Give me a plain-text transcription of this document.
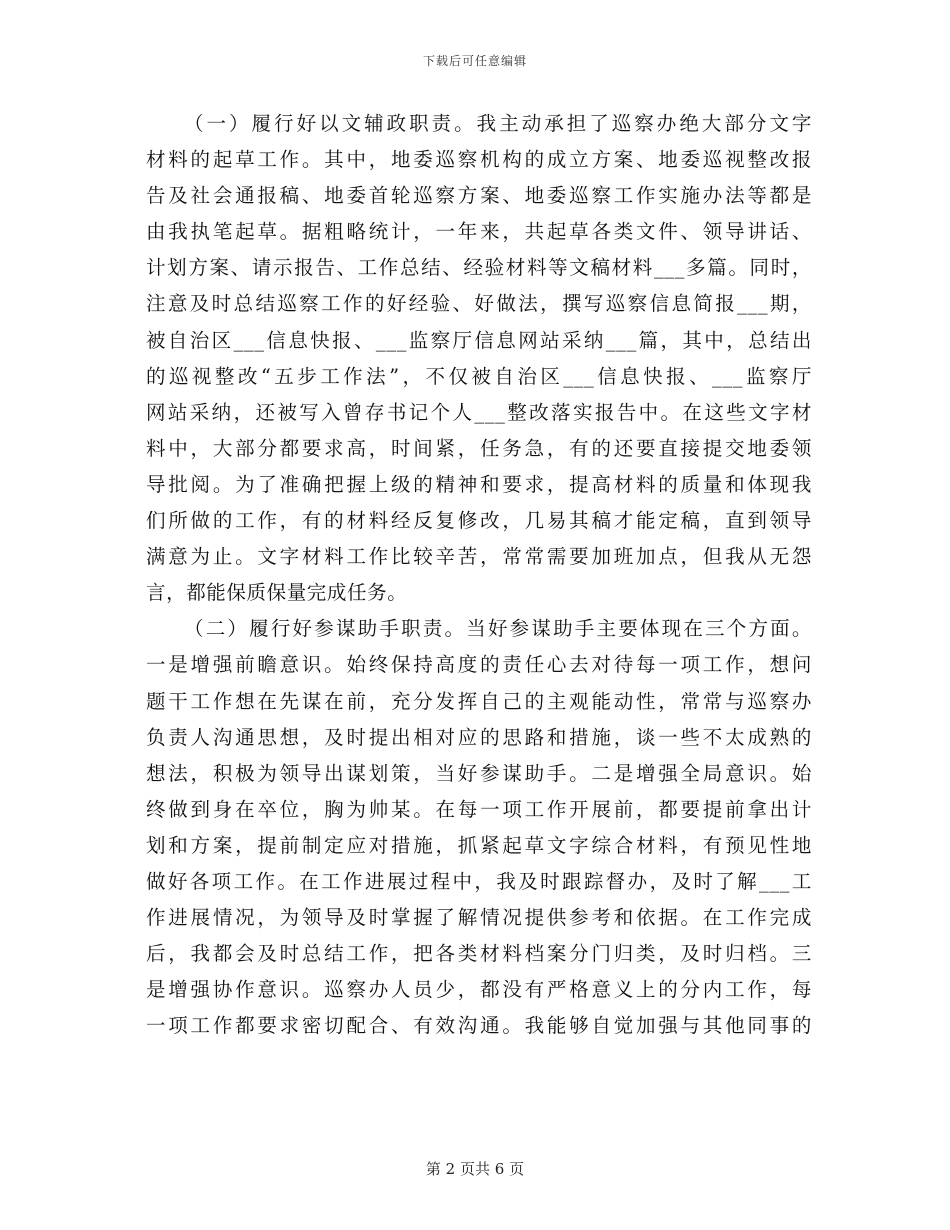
下载后可任意编辑
（一）履行好以文辅政职责。我主动承担了巡察办绝大部分文字
材料的起草工作。其中，地委巡察机构的成立方案、地委巡视整改报
告及社会通报稿、地委首轮巡察方案、地委巡察工作实施办法等都是
由我执笔起草。据粗略统计，一年来，共起草各类文件、领导讲话、
计划方案、请示报告、工作总结、经验材料等文稿材料___多篇。同时，
注意及时总结巡察工作的好经验、好做法，撰写巡察信息简报___期，
被自治区___信息快报、___监察厅信息网站采纳___篇，其中，总结出
的巡视整改“五步工作法”，不仅被自治区___信息快报、___监察厅
网站采纳，还被写入曾存书记个人___整改落实报告中。在这些文字材
料中，大部分都要求高，时间紧，任务急，有的还要直接提交地委领
导批阅。为了准确把握上级的精神和要求，提高材料的质量和体现我
们所做的工作，有的材料经反复修改，几易其稿才能定稿，直到领导
满意为止。文字材料工作比较辛苦，常常需要加班加点，但我从无怨
言，都能保质保量完成任务。
（二）履行好参谋助手职责。当好参谋助手主要体现在三个方面。
一是增强前瞻意识。始终保持高度的责任心去对待每一项工作，想问
题干工作想在先谋在前，充分发挥自己的主观能动性，常常与巡察办
负责人沟通思想，及时提出相对应的思路和措施，谈一些不太成熟的
想法，积极为领导出谋划策，当好参谋助手。二是增强全局意识。始
终做到身在卒位，胸为帅某。在每一项工作开展前，都要提前拿出计
划和方案，提前制定应对措施，抓紧起草文字综合材料，有预见性地
做好各项工作。在工作进展过程中，我及时跟踪督办，及时了解___工
作进展情况，为领导及时掌握了解情况提供参考和依据。在工作完成
后，我都会及时总结工作，把各类材料档案分门归类，及时归档。三
是增强协作意识。巡察办人员少，都没有严格意义上的分内工作，每
一项工作都要求密切配合、有效沟通。我能够自觉加强与其他同事的
第 2 页共 6 页
